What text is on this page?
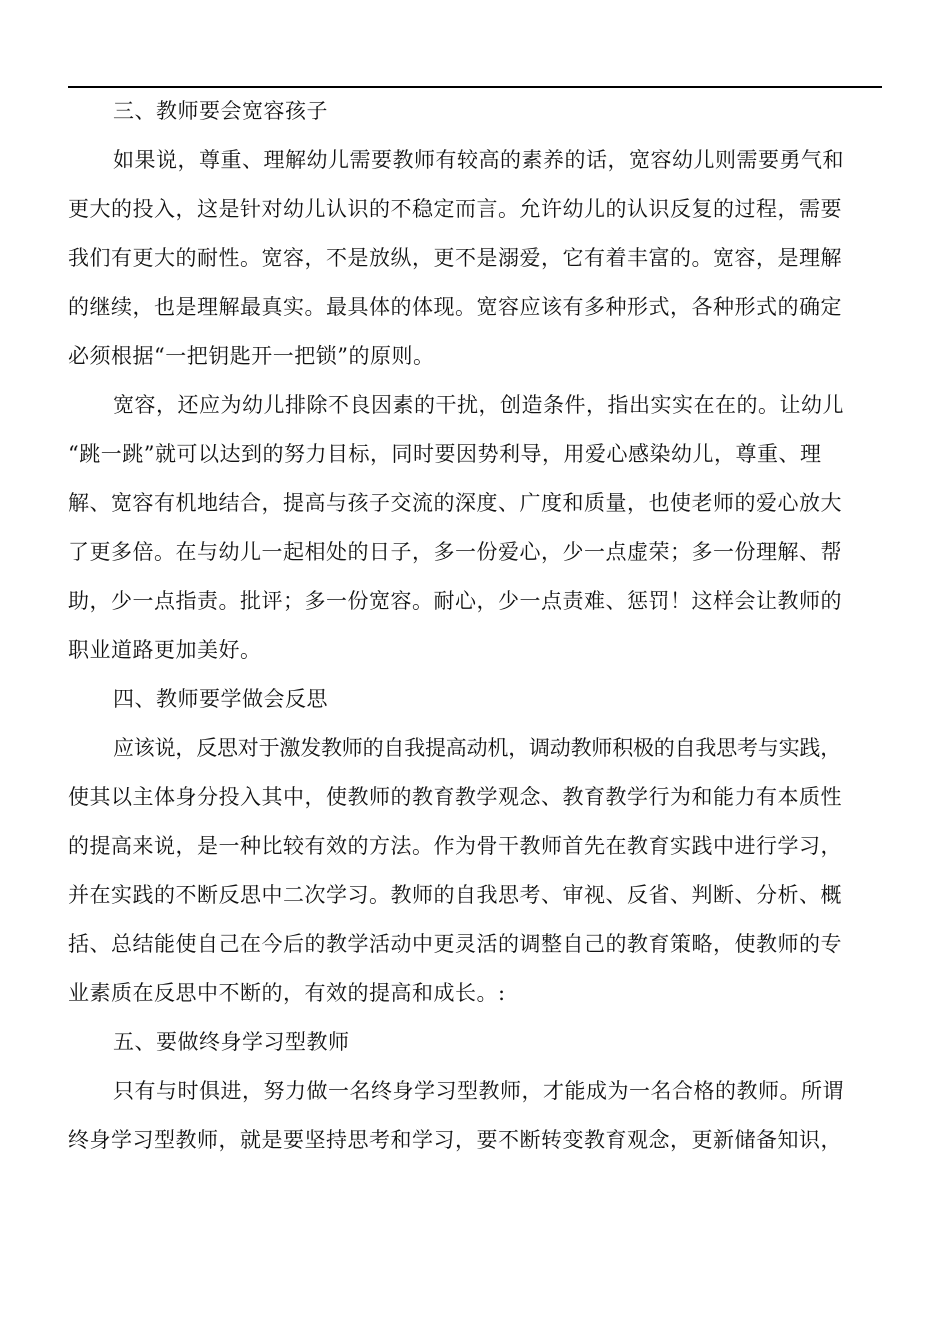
三、教师要会宽容孩子
如果说，尊重、理解幼儿需要教师有较高的素养的话，宽容幼儿则需要勇气和
更大的投入，这是针对幼儿认识的不稳定而言。允许幼儿的认识反复的过程，需要
我们有更大的耐性。宽容，不是放纵，更不是溺爱，它有着丰富的。宽容，是理解
的继续，也是理解最真实。最具体的体现。宽容应该有多种形式，各种形式的确定
必须根据“一把钥匙开一把锁”的原则。
宽容，还应为幼儿排除不良因素的干扰，创造条件，指出实实在在的。让幼儿
“跳一跳”就可以达到的努力目标，同时要因势利导，用爱心感染幼儿，尊重、理
解、宽容有机地结合，提高与孩子交流的深度、广度和质量，也使老师的爱心放大
了更多倍。在与幼儿一起相处的日子，多一份爱心，少一点虚荣；多一份理解、帮
助，少一点指责。批评；多一份宽容。耐心，少一点责难、惩罚！这样会让教师的
职业道路更加美好。
四、教师要学做会反思
应该说，反思对于激发教师的自我提高动机，调动教师积极的自我思考与实践，
使其以主体身分投入其中，使教师的教育教学观念、教育教学行为和能力有本质性
的提高来说，是一种比较有效的方法。作为骨干教师首先在教育实践中进行学习，
并在实践的不断反思中二次学习。教师的自我思考、审视、反省、判断、分析、概
括、总结能使自己在今后的教学活动中更灵活的调整自己的教育策略，使教师的专
业素质在反思中不断的，有效的提高和成长。:
五、要做终身学习型教师
只有与时俱进，努力做一名终身学习型教师，才能成为一名合格的教师。所谓
终身学习型教师，就是要坚持思考和学习，要不断转变教育观念，更新储备知识，
